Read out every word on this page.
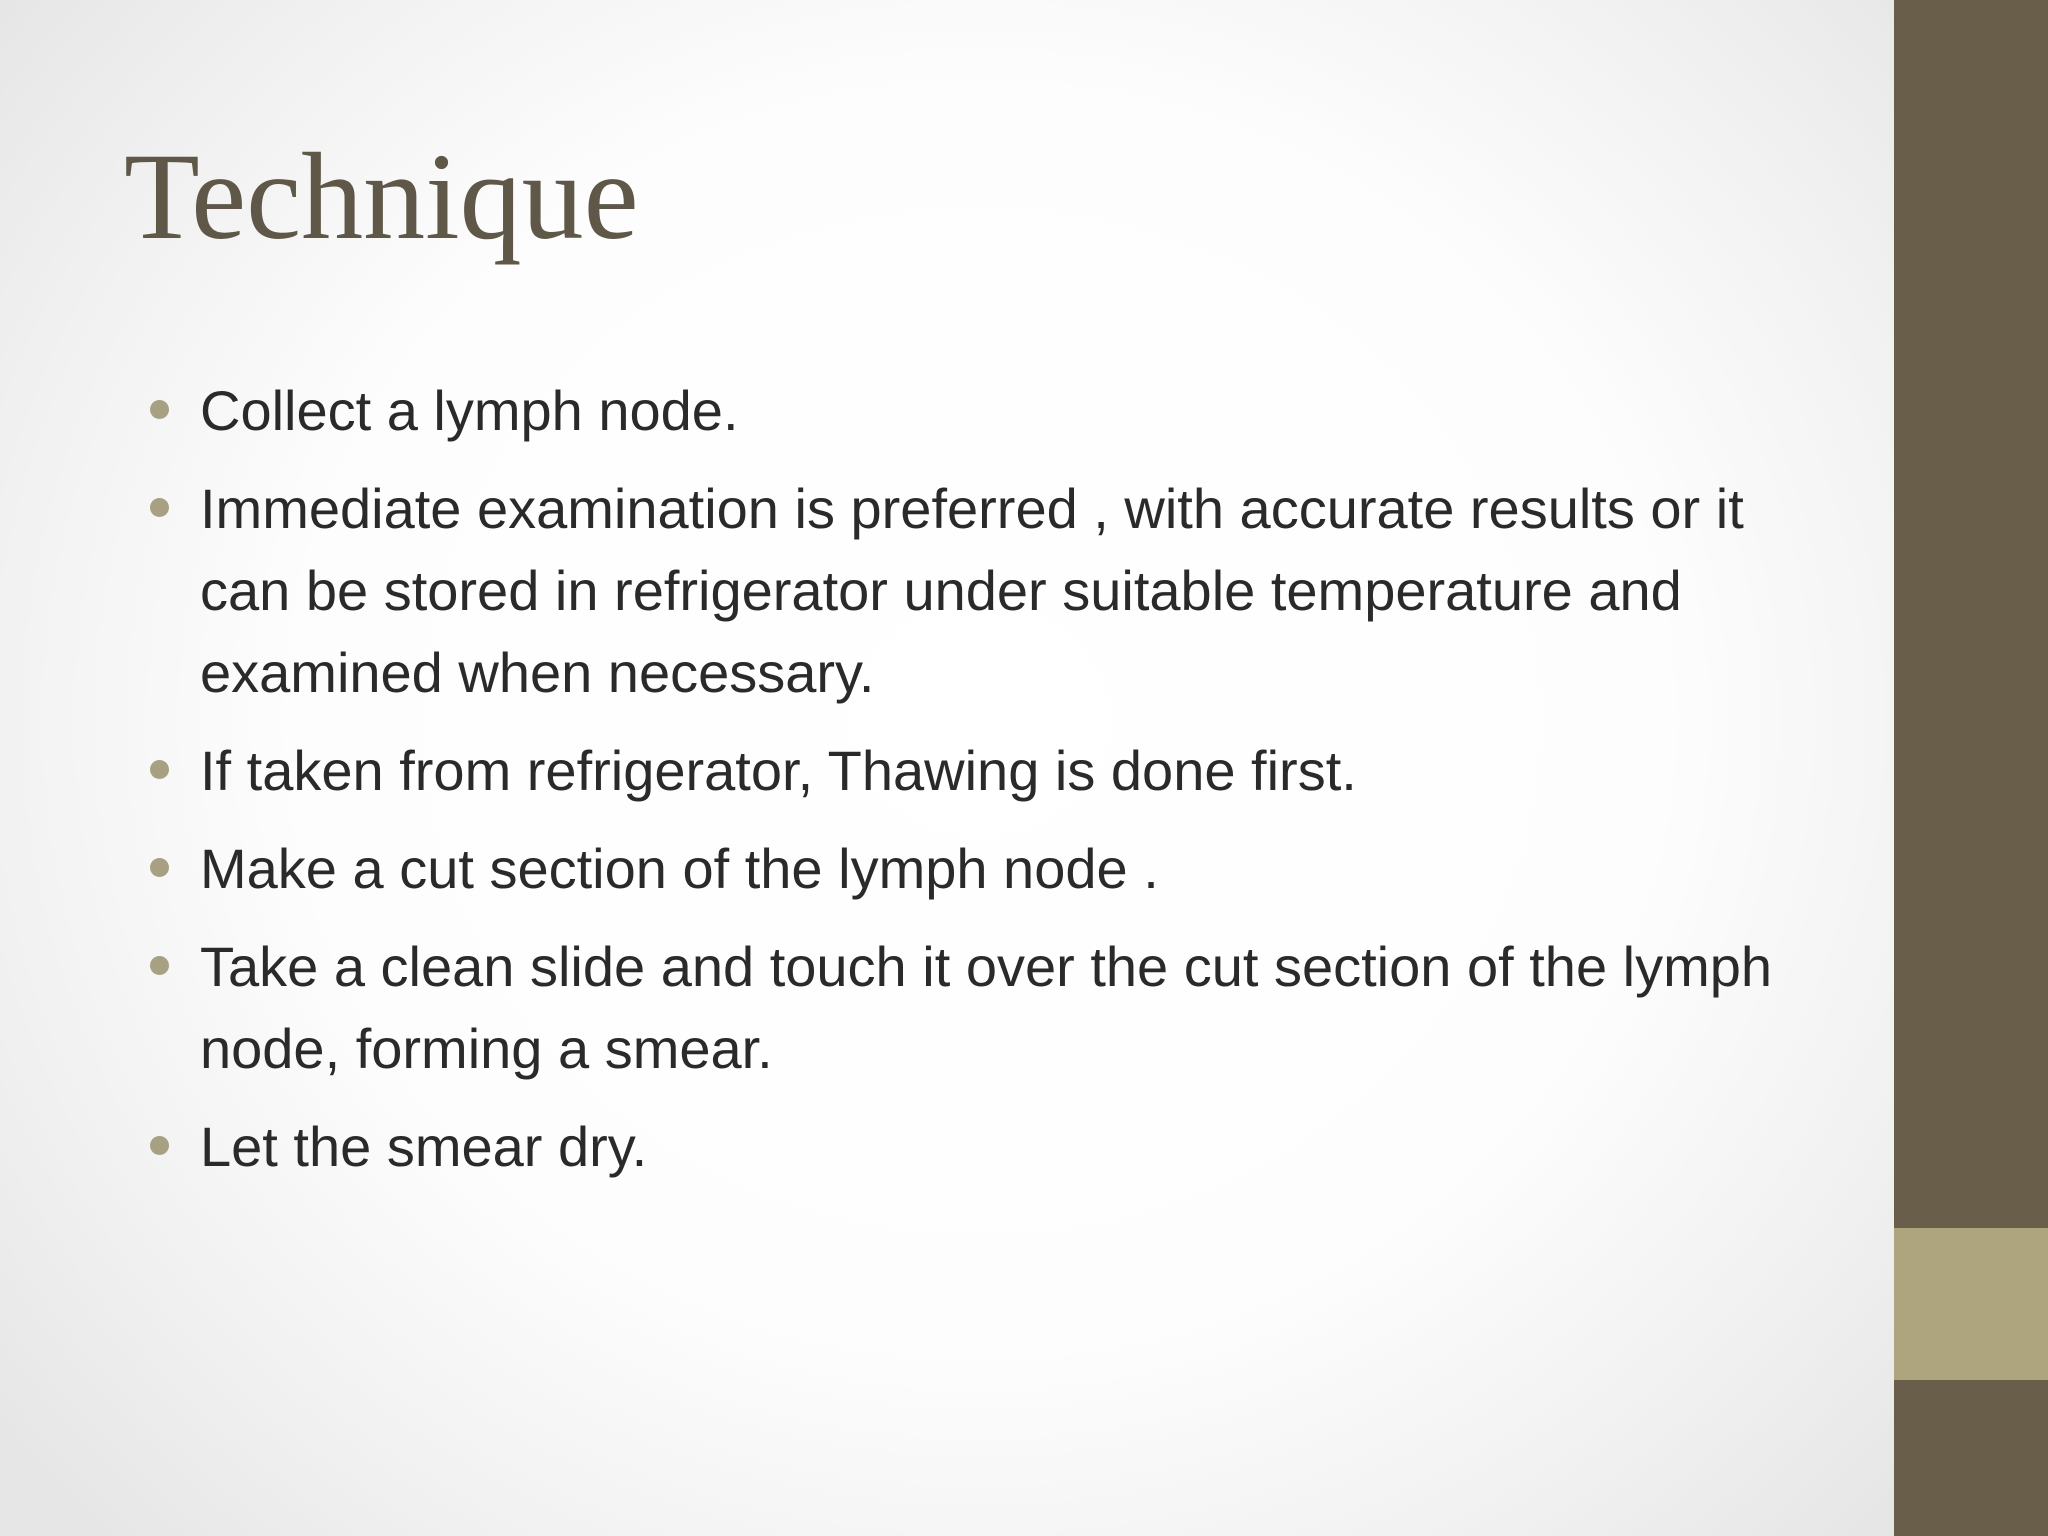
Technique
Collect a lymph node.
Immediate examination is preferred , with accurate results or it can be stored in refrigerator under suitable temperature and examined when necessary.
If taken from refrigerator, Thawing is done first.
Make a cut section of the lymph node .
Take a clean slide and touch it over the cut section of the lymph node, forming a smear.
Let the smear dry.
